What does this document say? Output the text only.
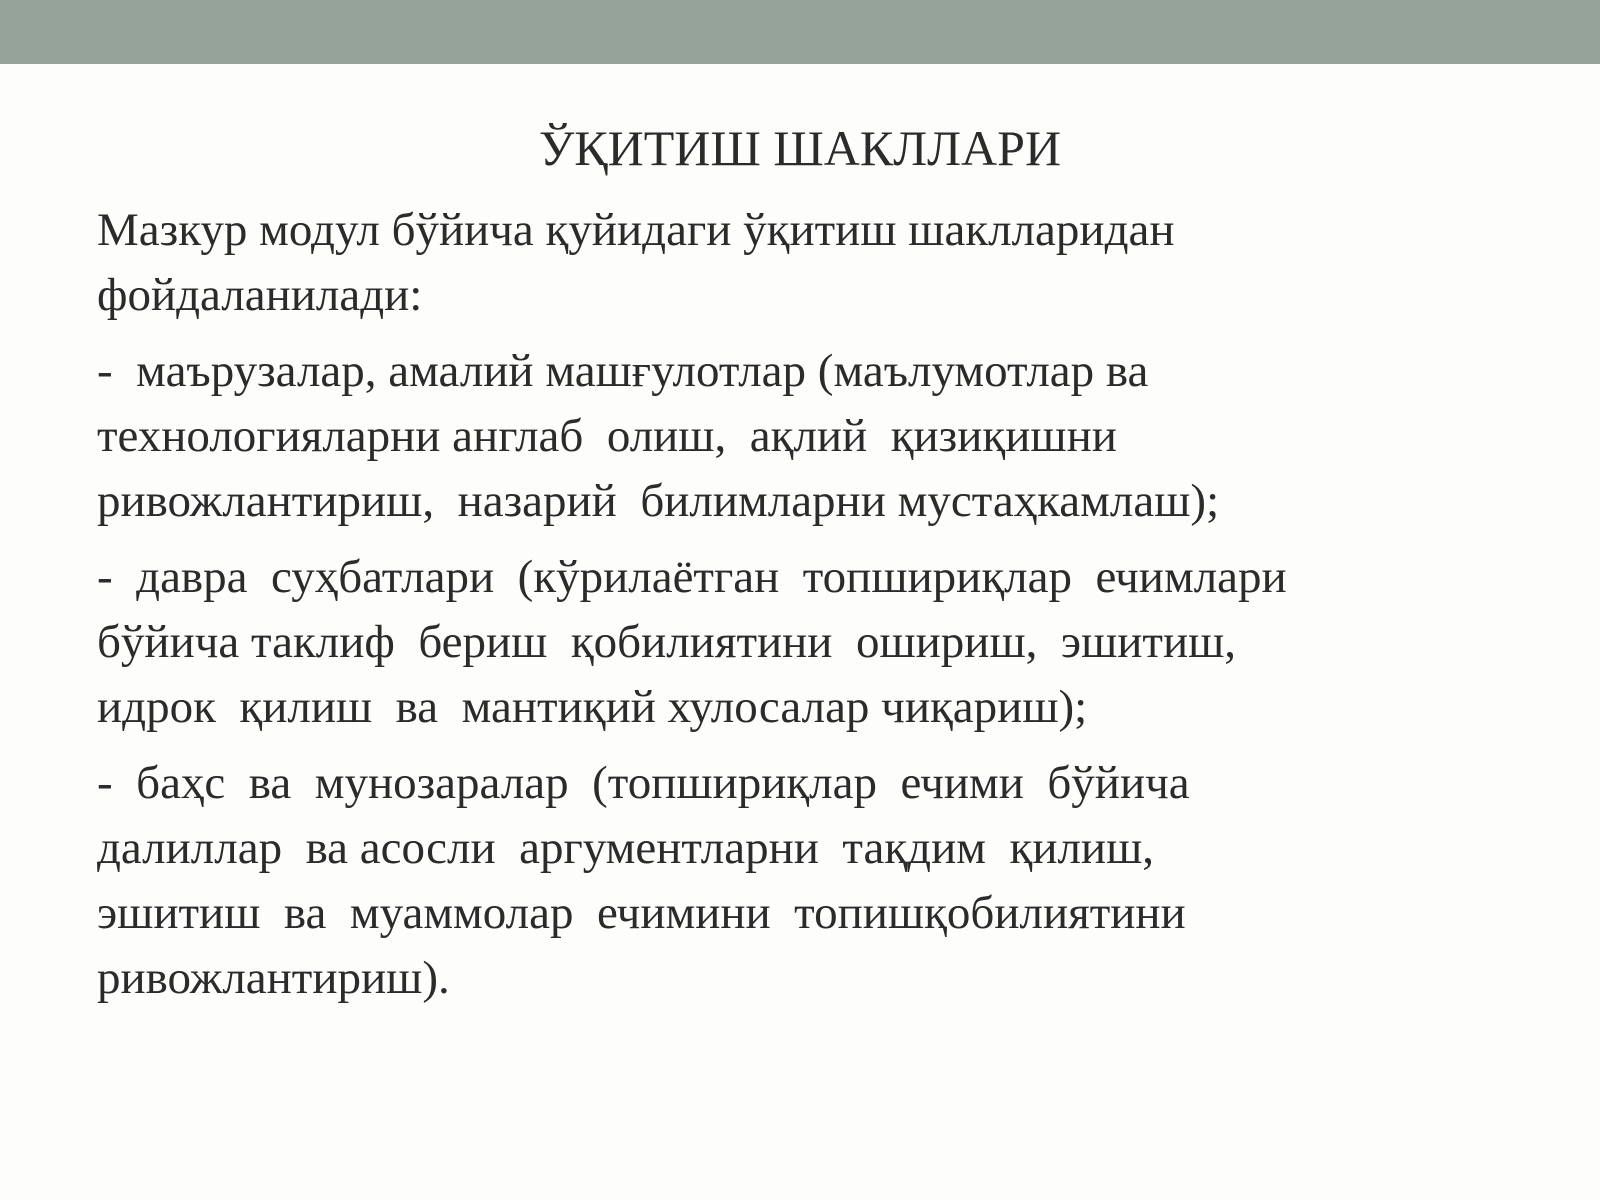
ЎҚИТИШ ШАКЛЛАРИ
Мазкур модул бўйича қуйидаги ўқитиш шаклларидан
фойдаланилади:
-  маърузалар, амалий машғулотлар (маълумотлар ва
технологияларни англаб  олиш,  ақлий  қизиқишни
ривожлантириш,  назарий  билимларни мустаҳкамлаш);
-  давра  суҳбатлари  (кўрилаётган  топшириқлар  ечимлари
бўйича таклиф  бериш  қобилиятини  ошириш,  эшитиш,
идрок  қилиш  ва  мантиқий хулосалар чиқариш);
-  баҳс  ва  мунозаралар  (топшириқлар  ечими  бўйича
далиллар  ва асосли  аргументларни  тақдим  қилиш,
эшитиш  ва  муаммолар  ечимини  топишқобилиятини
ривожлантириш).
